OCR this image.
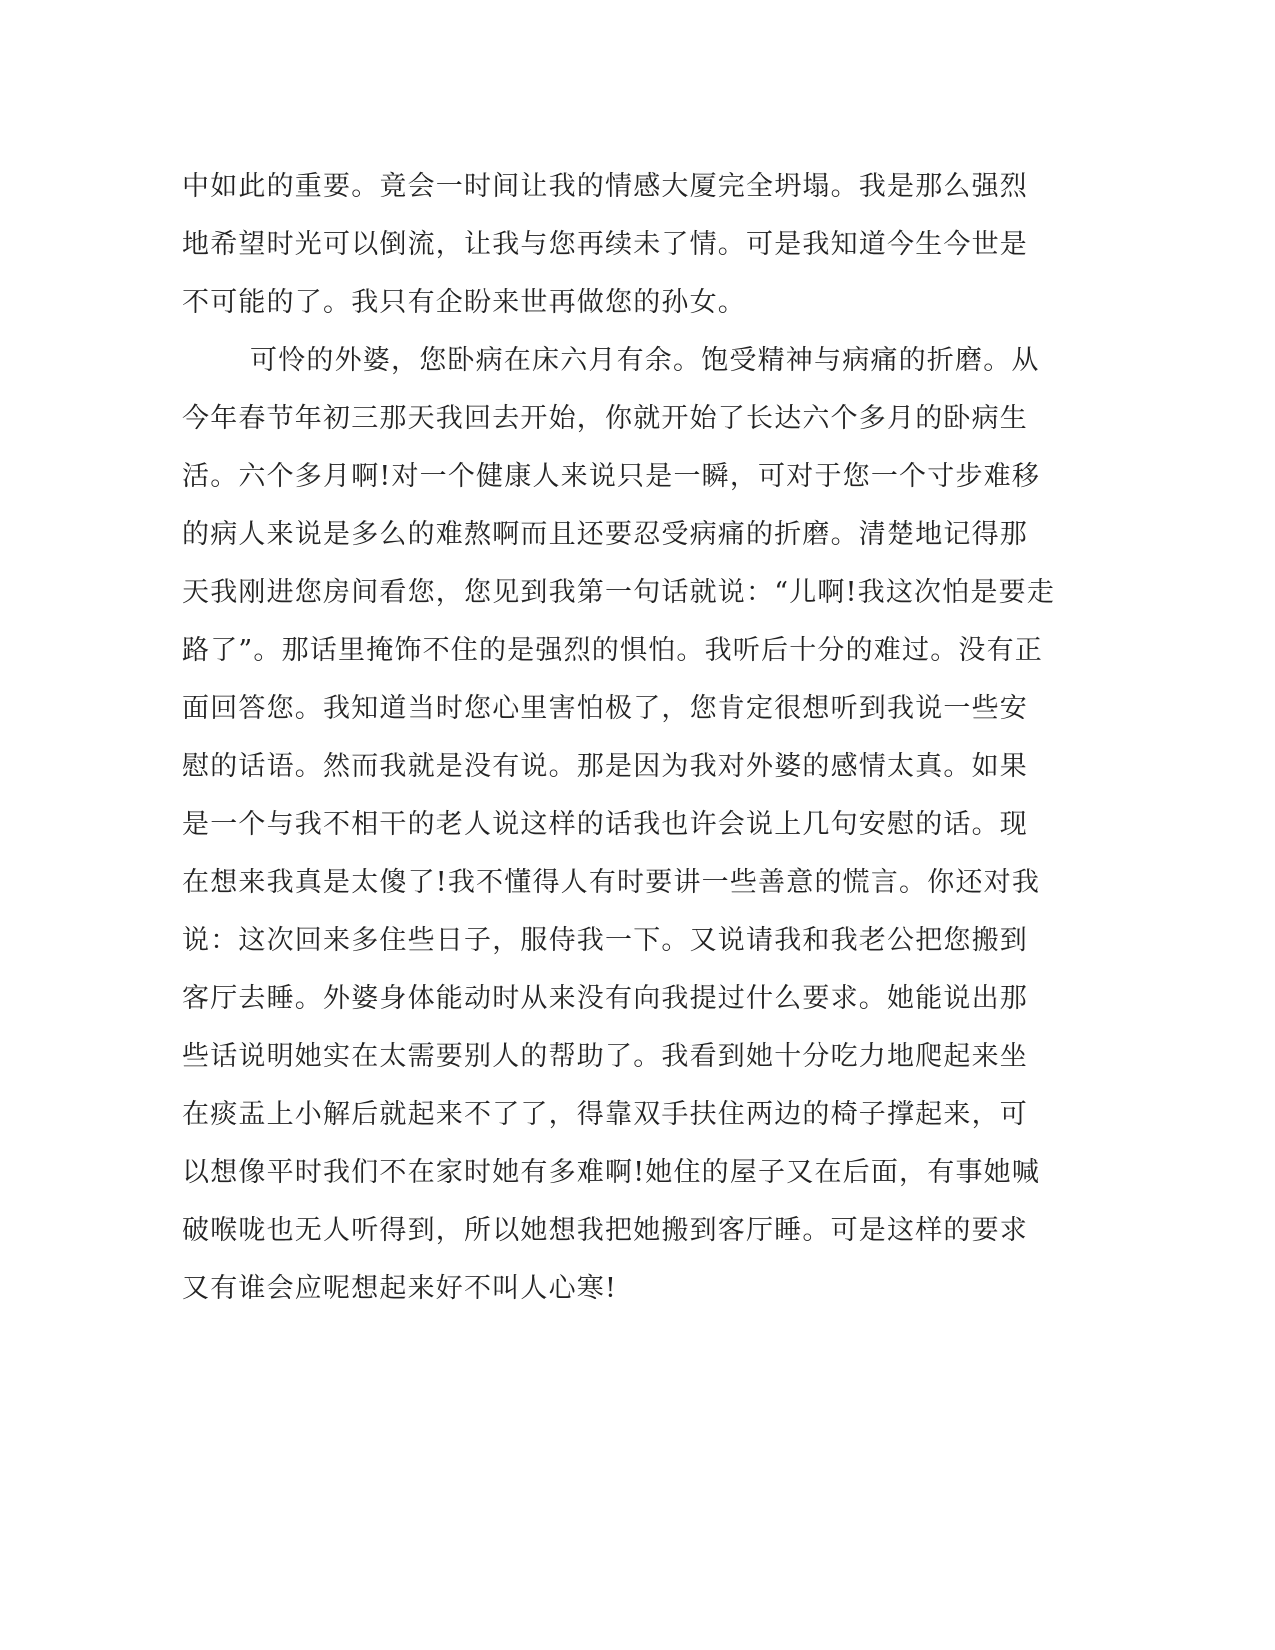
中如此的重要。竟会一时间让我的情感大厦完全坍塌。我是那么强烈
地希望时光可以倒流，让我与您再续未了情。可是我知道今生今世是
不可能的了。我只有企盼来世再做您的孙女。
可怜的外婆，您卧病在床六月有余。饱受精神与病痛的折磨。从
今年春节年初三那天我回去开始，你就开始了长达六个多月的卧病生
活。六个多月啊!对一个健康人来说只是一瞬，可对于您一个寸步难移
的病人来说是多么的难熬啊而且还要忍受病痛的折磨。清楚地记得那
天我刚进您房间看您，您见到我第一句话就说：“儿啊!我这次怕是要走
路了”。那话里掩饰不住的是强烈的惧怕。我听后十分的难过。没有正
面回答您。我知道当时您心里害怕极了，您肯定很想听到我说一些安
慰的话语。然而我就是没有说。那是因为我对外婆的感情太真。如果
是一个与我不相干的老人说这样的话我也许会说上几句安慰的话。现
在想来我真是太傻了!我不懂得人有时要讲一些善意的慌言。你还对我
说：这次回来多住些日子，服侍我一下。又说请我和我老公把您搬到
客厅去睡。外婆身体能动时从来没有向我提过什么要求。她能说出那
些话说明她实在太需要别人的帮助了。我看到她十分吃力地爬起来坐
在痰盂上小解后就起来不了了，得靠双手扶住两边的椅子撑起来，可
以想像平时我们不在家时她有多难啊!她住的屋子又在后面，有事她喊
破喉咙也无人听得到，所以她想我把她搬到客厅睡。可是这样的要求
又有谁会应呢想起来好不叫人心寒!
